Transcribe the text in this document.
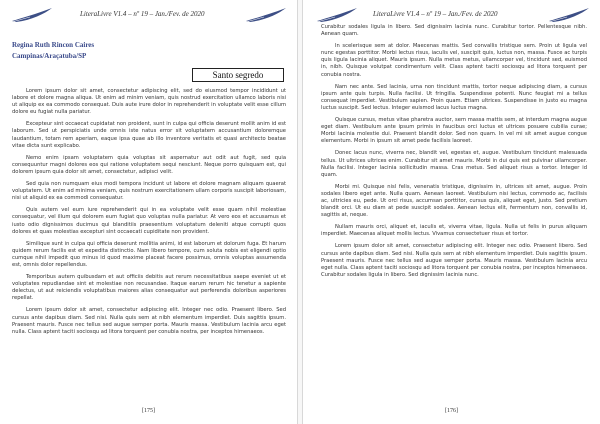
LiteraLivre V1.4 – nº 19 – Jan./Fev. de 2020
Regina Ruth Rincon Caires
Campinas/Araçatuba/SP
Santo segredo

Lorem ipsum dolor sit amet, consectetur adipiscing elit, sed do eiusmod tempor incididunt ut labore et dolore magna aliqua. Ut enim ad minim veniam, quis nostrud exercitation ullamco laboris nisi ut aliquip ex ea commodo consequat. Duis aute irure dolor in reprehenderit in voluptate velit esse cillum dolore eu fugiat nulla pariatur.

Excepteur sint occaecat cupidatat non proident, sunt in culpa qui officia deserunt mollit anim id est laborum. Sed ut perspiciatis unde omnis iste natus error sit voluptatem accusantium doloremque laudantium, totam rem aperiam, eaque ipsa quae ab illo inventore veritatis et quasi architecto beatae vitae dicta sunt explicabo.

Nemo enim ipsam voluptatem quia voluptas sit aspernatur aut odit aut fugit, sed quia consequuntur magni dolores eos qui ratione voluptatem sequi nesciunt. Neque porro quisquam est, qui dolorem ipsum quia dolor sit amet, consectetur, adipisci velit.

Sed quia non numquam eius modi tempora incidunt ut labore et dolore magnam aliquam quaerat voluptatem. Ut enim ad minima veniam, quis nostrum exercitationem ullam corporis suscipit laboriosam, nisi ut aliquid ex ea commodi consequatur.

Quis autem vel eum iure reprehenderit qui in ea voluptate velit esse quam nihil molestiae consequatur, vel illum qui dolorem eum fugiat quo voluptas nulla pariatur. At vero eos et accusamus et iusto odio dignissimos ducimus qui blanditiis praesentium voluptatum deleniti atque corrupti quos dolores et quas molestias excepturi sint occaecati cupiditate non provident.

Similique sunt in culpa qui officia deserunt mollitia animi, id est laborum et dolorum fuga. Et harum quidem rerum facilis est et expedita distinctio. Nam libero tempore, cum soluta nobis est eligendi optio cumque nihil impedit quo minus id quod maxime placeat facere possimus, omnis voluptas assumenda est, omnis dolor repellendus.

Temporibus autem quibusdam et aut officiis debitis aut rerum necessitatibus saepe eveniet ut et voluptates repudiandae sint et molestiae non recusandae. Itaque earum rerum hic tenetur a sapiente delectus, ut aut reiciendis voluptatibus maiores alias consequatur aut perferendis doloribus asperiores repellat.

Lorem ipsum dolor sit amet, consectetur adipiscing elit. Integer nec odio. Praesent libero. Sed cursus ante dapibus diam. Sed nisi. Nulla quis sem at nibh elementum imperdiet. Duis sagittis ipsum. Praesent mauris. Fusce nec tellus sed augue semper porta. Mauris massa. Vestibulum lacinia arcu eget nulla. Class aptent taciti sociosqu ad litora torquent per conubia nostra, per inceptos himenaeos.

[175]
LiteraLivre V1.4 – nº 19 – Jan./Fev. de 2020

Curabitur sodales ligula in libero. Sed dignissim lacinia nunc. Curabitur tortor. Pellentesque nibh. Aenean quam.

In scelerisque sem at dolor. Maecenas mattis. Sed convallis tristique sem. Proin ut ligula vel nunc egestas porttitor. Morbi lectus risus, iaculis vel, suscipit quis, luctus non, massa. Fusce ac turpis quis ligula lacinia aliquet. Mauris ipsum. Nulla metus metus, ullamcorper vel, tincidunt sed, euismod in, nibh. Quisque volutpat condimentum velit. Class aptent taciti sociosqu ad litora torquent per conubia nostra.

Nam nec ante. Sed lacinia, urna non tincidunt mattis, tortor neque adipiscing diam, a cursus ipsum ante quis turpis. Nulla facilisi. Ut fringilla. Suspendisse potenti. Nunc feugiat mi a tellus consequat imperdiet. Vestibulum sapien. Proin quam. Etiam ultrices. Suspendisse in justo eu magna luctus suscipit. Sed lectus. Integer euismod lacus luctus magna.

Quisque cursus, metus vitae pharetra auctor, sem massa mattis sem, at interdum magna augue eget diam. Vestibulum ante ipsum primis in faucibus orci luctus et ultrices posuere cubilia curae; Morbi lacinia molestie dui. Praesent blandit dolor. Sed non quam. In vel mi sit amet augue congue elementum. Morbi in ipsum sit amet pede facilisis laoreet.

Donec lacus nunc, viverra nec, blandit vel, egestas et, augue. Vestibulum tincidunt malesuada tellus. Ut ultrices ultrices enim. Curabitur sit amet mauris. Morbi in dui quis est pulvinar ullamcorper. Nulla facilisi. Integer lacinia sollicitudin massa. Cras metus. Sed aliquet risus a tortor. Integer id quam.

Morbi mi. Quisque nisl felis, venenatis tristique, dignissim in, ultrices sit amet, augue. Proin sodales libero eget ante. Nulla quam. Aenean laoreet. Vestibulum nisi lectus, commodo ac, facilisis ac, ultricies eu, pede. Ut orci risus, accumsan porttitor, cursus quis, aliquet eget, justo. Sed pretium blandit orci. Ut eu diam at pede suscipit sodales. Aenean lectus elit, fermentum non, convallis id, sagittis at, neque.

Nullam mauris orci, aliquet et, iaculis et, viverra vitae, ligula. Nulla ut felis in purus aliquam imperdiet. Maecenas aliquet mollis lectus. Vivamus consectetuer risus et tortor.

Lorem ipsum dolor sit amet, consectetur adipiscing elit. Integer nec odio. Praesent libero. Sed cursus ante dapibus diam. Sed nisi. Nulla quis sem at nibh elementum imperdiet. Duis sagittis ipsum. Praesent mauris. Fusce nec tellus sed augue semper porta. Mauris massa. Vestibulum lacinia arcu eget nulla. Class aptent taciti sociosqu ad litora torquent per conubia nostra, per inceptos himenaeos. Curabitur sodales ligula in libero. Sed dignissim lacinia nunc.

[176]
